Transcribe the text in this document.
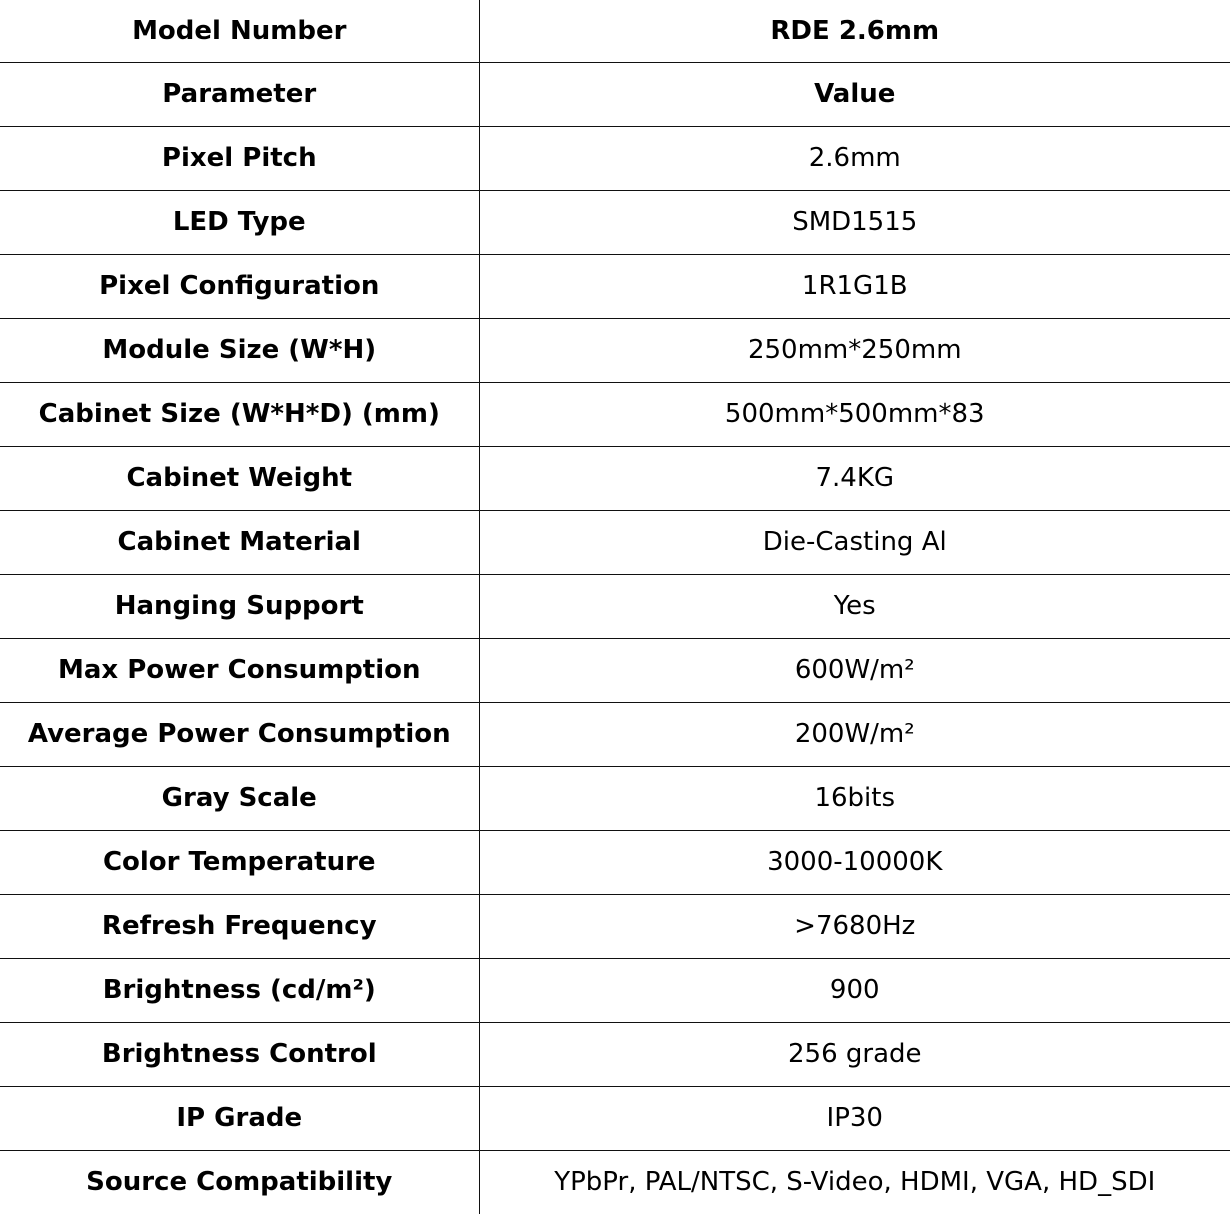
Model Number	RDE 2.6mm
Parameter	Value
Pixel Pitch	2.6mm
LED Type	SMD1515
Pixel Configuration	1R1G1B
Module Size (W*H)	250mm*250mm
Cabinet Size (W*H*D) (mm)	500mm*500mm*83
Cabinet Weight	7.4KG
Cabinet Material	Die-Casting Al
Hanging Support	Yes
Max Power Consumption	600W/m²
Average Power Consumption	200W/m²
Gray Scale	16bits
Color Temperature	3000-10000K
Refresh Frequency	>7680Hz
Brightness (cd/m²)	900
Brightness Control	256 grade
IP Grade	IP30
Source Compatibility	YPbPr, PAL/NTSC, S-Video, HDMI, VGA, HD_SDI
